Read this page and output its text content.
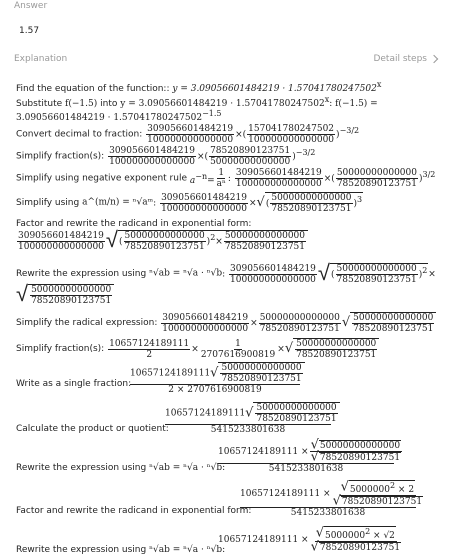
Answer
1.57
Explanation	Detail steps
Find the equation of the function:: $y = 3.09056601484219 \cdot 1.57041780247502^x$
Substitute f(−1.5) into $y = 3.09056601484219 \cdot 1.57041780247502^x$: f(−1.5) =
$3.09056601484219 \cdot 1.57041780247502^{-1.5}$
Convert decimal to fraction: $\frac{309056601484219}{100000000000000}$ ×( $\frac{157041780247502}{100000000000000} )^{-3/2}$
Simplify fraction(s): $\frac{309056601484219}{100000000000000}$ ×( $\frac{78520890123751}{50000000000000} )^{-3/2}$
Simplify using negative exponent rule $a^{-n}= \frac{1}{\text{aⁿ}}$ : $\frac{309056601484219}{100000000000000}$ ×( $\frac{50000000000000}{78520890123751} )^{3/2}$
Simplify using a^(m/n) = ⁿ√aᵐ: $\frac{309056601484219}{100000000000000}$ ×√( $\frac{50000000000000}{78520890123751} )^3$
Factor and rewrite the radicand in exponential form:
$\frac{309056601484219}{100000000000000}$ √( $\frac{50000000000000}{78520890123751} )^2\times \frac{50000000000000}{78520890123751}$
Rewrite the expression using ⁿ√ab = ⁿ√a · ⁿ√b: $\frac{309056601484219}{100000000000000}$ √( $\frac{50000000000000}{78520890123751} )^2\times$
√ $\frac{50000000000000}{78520890123751}$
Simplify the radical expression: $\frac{309056601484219}{100000000000000} \times \frac{50000000000000}{78520890123751}$ √ $\frac{50000000000000}{78520890123751}$
Simplify fraction(s): $\frac{10657124189111}{2} \times \frac{1}{2707616900819}$ ×√ $\frac{50000000000000}{78520890123751}$
Write as a single fraction:
$10657124189111√ \frac{50000000000000}{78520890123751}$
2 × 2707616900819
Calculate the product or quotient:
$10657124189111√ \frac{50000000000000}{78520890123751}$
5415233801638
Rewrite the expression using ⁿ√ab = ⁿ√a · ⁿ√b:
$10657124189111 \times \frac{√50000000000000}{√78520890123751}$
5415233801638
Factor and rewrite the radicand in exponential form:
$10657124189111 \times \frac{√5000000^2 \times 2}{√78520890123751}$
5415233801638
Rewrite the expression using ⁿ√ab = ⁿ√a · ⁿ√b:
$10657124189111 \times \frac{√5000000^2 \times √2}{√78520890123751}$
